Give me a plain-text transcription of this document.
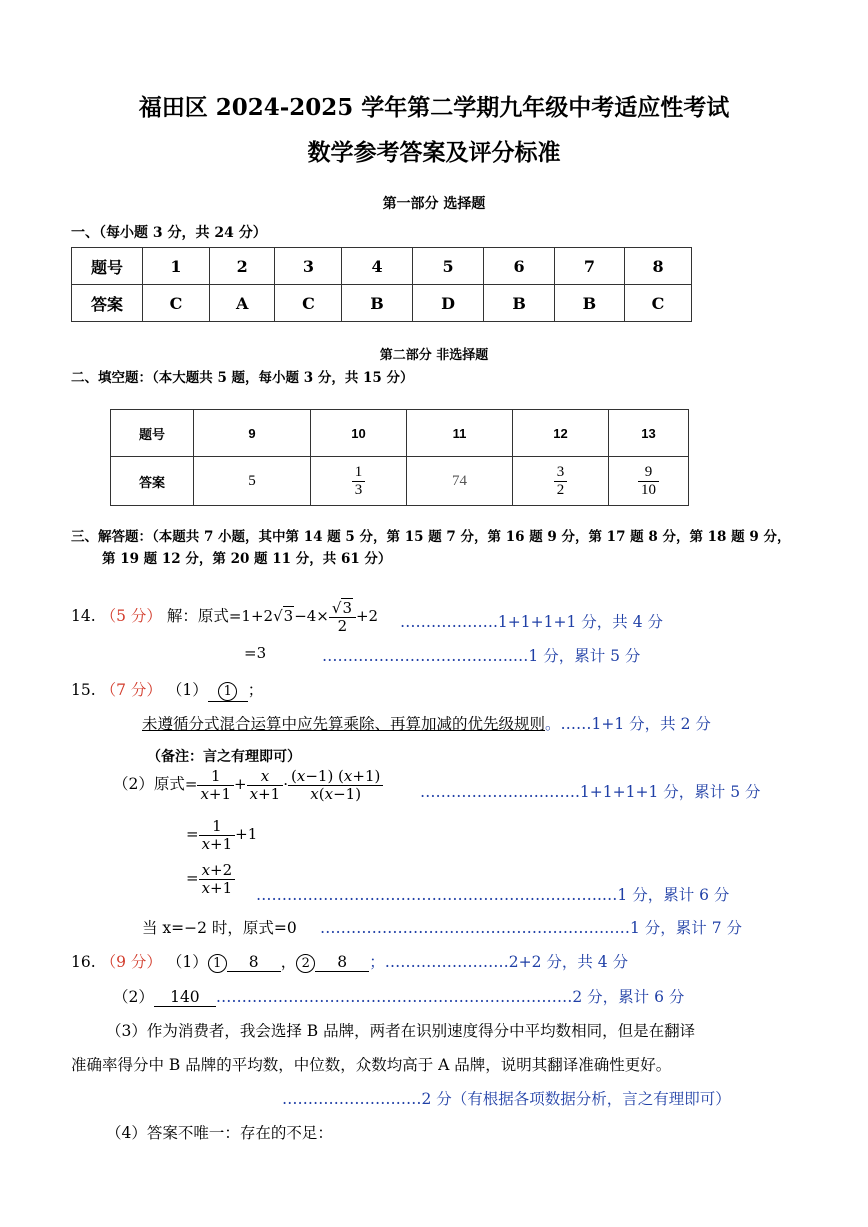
福田区 2024-2025 学年第二学期九年级中考适应性考试
数学参考答案及评分标准
第一部分 选择题
一、（每小题 3 分，共 24 分）
题号	1	2	3	4	5	6	7	8
答案	C	A	C	B	D	B	B	C
第二部分 非选择题
二、填空题：（本大题共 5 题，每小题 3 分，共 15 分）
题号	9	10	11	12	13
答案	5	$\frac{1}{3}$	74	$\frac{3}{2}$	$\frac{9}{10}$
三、解答题：（本题共 7 小题，其中第 14 题 5 分，第 15 题 7 分，第 16 题 9 分，第 17 题 8 分，第 18 题 9 分，
第 19 题 12 分，第 20 题 11 分，共 61 分）
14. （5 分） 解：原式$=1+2√3-4\times \frac{√3}{2} +2$ ……………….1+1+1+1 分，共 4 分
=3	……………………………….…1 分，累计 5 分
15. （7 分） （1） 1 ；
未遵循分式混合运算中应先算乘除、再算加减的优先级规则。……1+1 分，共 2 分
（备注：言之有理即可）
（2）原式= $\frac{1}{x+1} + \frac{x}{x+1} \cdot \frac{(x-1) (x+1)}{x(x-1)}$ ………………………….1+1+1+1 分，累计 5 分
= $\frac{1}{x+1} +1$
= $\frac{x+2}{x+1}$ ………………………………………………………….…1 分，累计 6 分
当 x=−2 时，原式=0 ……………………………………………………1 分，累计 7 分
16. （9 分） （1） 1 8 ， 2 8 ；……………………2+2 分，共 4 分
（2） 140 ……………………………………………………………2 分，累计 6 分
（3）作为消费者，我会选择 B 品牌，两者在识别速度得分中平均数相同，但是在翻译
准确率得分中 B 品牌的平均数，中位数，众数均高于 A 品牌，说明其翻译准确性更好。
………………………2 分（有根据各项数据分析，言之有理即可）
（4）答案不唯一：存在的不足：
